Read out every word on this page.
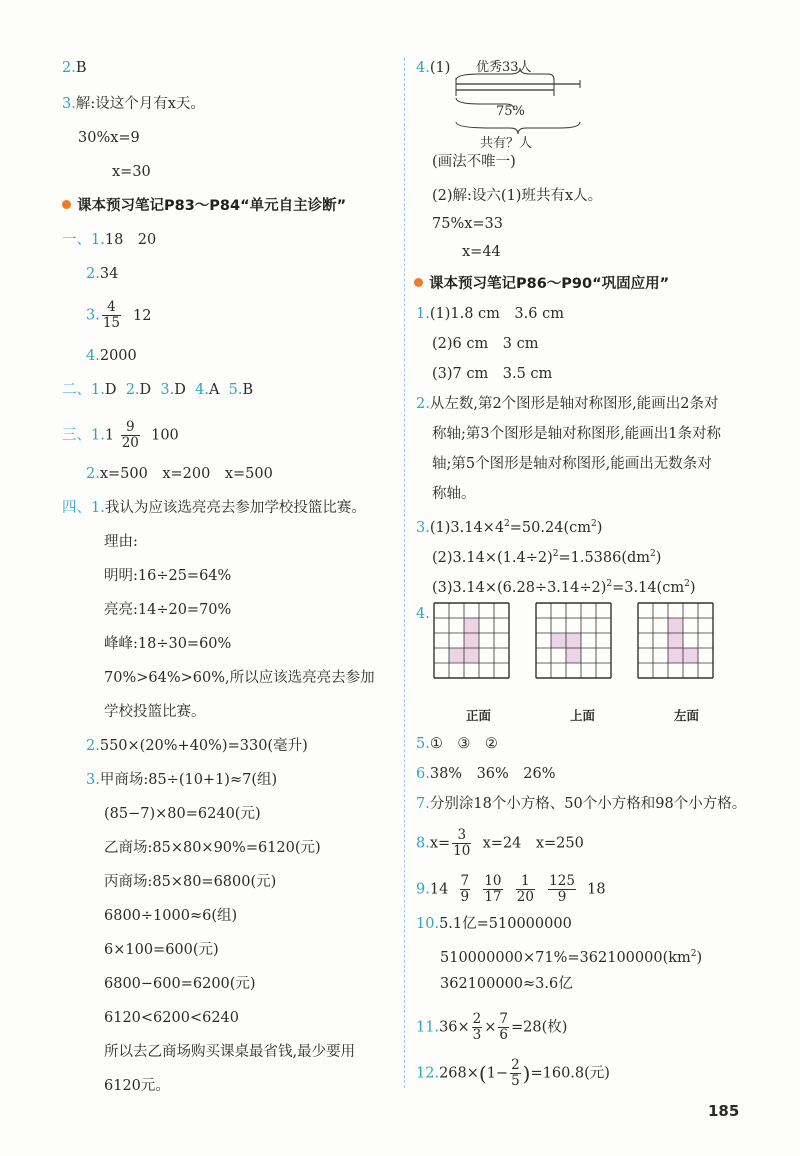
2.B
3.解:设这个月有x天。
30%x=9
x=30
课本预习笔记P83～P84“单元自主诊断”
一、1.18　20
2.34
3. $\frac{4}{15} 12$
4.2000
二、1.D 2.D 3.D 4.A 5.B
三、$1.1 \frac{9}{20} 100$
2.x=500　x=200　x=500
四、1.我认为应该选亮亮去参加学校投篮比赛。
理由:
明明:16÷25=64%
亮亮:14÷20=70%
峰峰:18÷30=60%
70%>64%>60%,所以应该选亮亮去参加
学校投篮比赛。
2.550×(20%+40%)=330(毫升)
3.甲商场:85÷(10+1)≈7(组)
(85−7)×80=6240(元)
乙商场:85×80×90%=6120(元)
丙商场:85×80=6800(元)
6800÷1000≈6(组)
6×100=600(元)
6800−600=6200(元)
6120<6200<6240
所以去乙商场购买课桌最省钱,最少要用
6120元。
4.(1) 优秀33人
75%
共有？人
(画法不唯一)
(2)解:设六(1)班共有x人。
75%x=33
x=44
课本预习笔记P86～P90“巩固应用”
1.(1)1.8 cm　3.6 cm
(2)6 cm　3 cm
(3)7 cm　3.5 cm
2.从左数,第2个图形是轴对称图形,能画出2条对
称轴;第3个图形是轴对称图形,能画出1条对称
轴;第5个图形是轴对称图形,能画出无数条对
称轴。
$3.(1)3.14\times 4^2=50.24(cm^2)$
$(2)3.14\times(1.4\div 2)^2=1.5386(dm^2)$
$(3)3.14\times(6.28\div 3.14\div 2)^2=3.14(cm^2)$
4.
正面	上面	左面
5.①　③　②
6.38%　36%　26%
7.分别涂18个小方格、50个小方格和98个小方格。
$8.x= \frac{3}{10} x=24$　x=250
$9.14 \frac{7}{9}$
$\frac{10}{17}$
$\frac{1}{20}$
$\frac{125}{9} 18$
10.5.1亿=510000000
$510000000\times 71\%=362100000(km^2)$
362100000≈3.6亿
$11.36\times \frac{2}{3} \times \frac{7}{6} =28$(枚)
$12.268\times(1- \frac{2}{5} )=160.8$(元)
185
